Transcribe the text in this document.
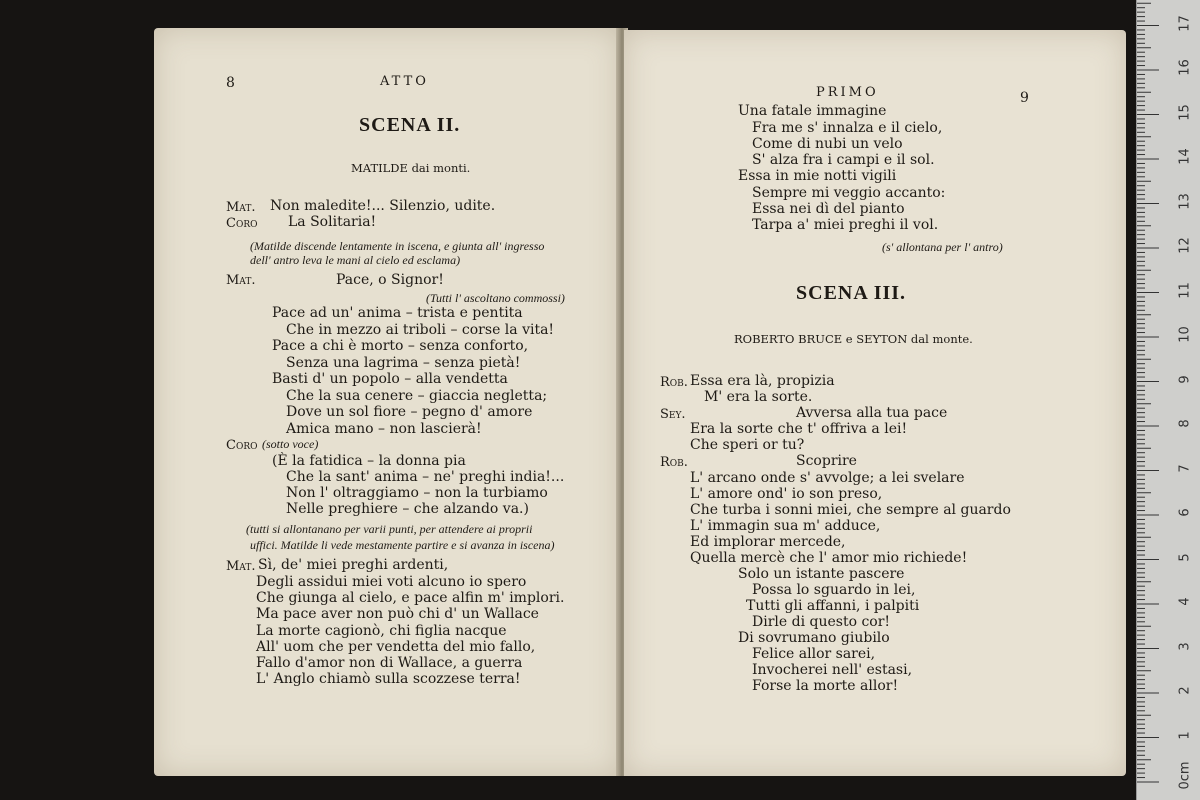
8	ATTO
SCENA II.
MATILDE dai monti.
Mat. Non maledite!... Silenzio, udite.
Coro La Solitaria!
(Matilde discende lentamente in iscena, e giunta all' ingresso
dell' antro leva le mani al cielo ed esclama)
Mat.	Pace, o Signor!
(Tutti l' ascoltano commossi)
Pace ad un' anima – trista e pentita
Che in mezzo ai triboli – corse la vita!
Pace a chi è morto – senza conforto,
Senza una lagrima – senza pietà!
Basti d' un popolo – alla vendetta
Che la sua cenere – giaccia negletta;
Dove un sol fiore – pegno d' amore
Amica mano – non lascierà!
Coro (sotto voce)
(È la fatidica – la donna pia
Che la sant' anima – ne' preghi india!...
Non l' oltraggiamo – non la turbiamo
Nelle preghiere – che alzando va.)
(tutti si allontanano per varii punti, per attendere ai proprii
uffici. Matilde li vede mestamente partire e si avanza in iscena)
Mat. Sì, de' miei preghi ardenti,
Degli assidui miei voti alcuno io spero
Che giunga al cielo, e pace alfin m' implori.
Ma pace aver non può chi d' un Wallace
La morte cagionò, chi figlia nacque
All' uom che per vendetta del mio fallo,
Fallo d'amor non di Wallace, a guerra
L' Anglo chiamò sulla scozzese terra!
PRIMO	9
Una fatale immagine
Fra me s' innalza e il cielo,
Come di nubi un velo
S' alza fra i campi e il sol.
Essa in mie notti vigili
Sempre mi veggio accanto:
Essa nei dì del pianto
Tarpa a' miei preghi il vol.
(s' allontana per l' antro)
SCENA III.
ROBERTO BRUCE e SEYTON dal monte.
Rob. Essa era là, propizia
M' era la sorte.
Sey.	Avversa alla tua pace
Era la sorte che t' offriva a lei!
Che speri or tu?
Rob.	Scoprire
L' arcano onde s' avvolge; a lei svelare
L' amore ond' io son preso,
Che turba i sonni miei, che sempre al guardo
L' immagin sua m' adduce,
Ed implorar mercede,
Quella mercè che l' amor mio richiede!
Solo un istante pascere
Possa lo sguardo in lei,
Tutti gli affanni, i palpiti
Dirle di questo cor!
Di sovrumano giubilo
Felice allor sarei,
Invocherei nell' estasi,
Forse la morte allor!
17
16
15
14
13
12
11
10
9
8
7
6
5
4
3
2
1
0cm
